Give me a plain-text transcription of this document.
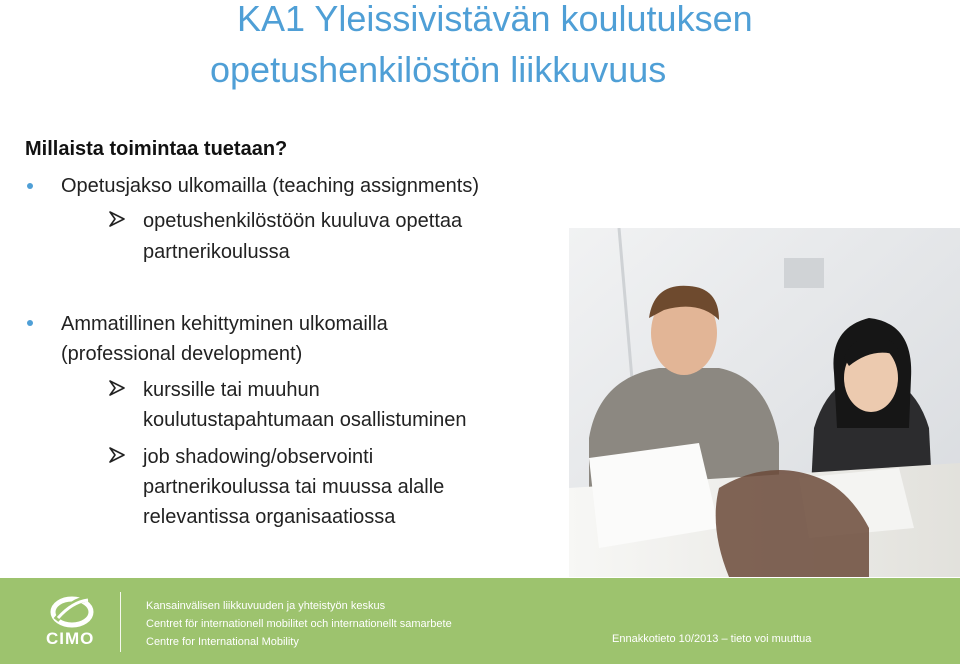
KA1 Yleissivistävän koulutuksen
opetushenkilöstön liikkuvuus
Millaista toimintaa tuetaan?
Opetusjakso ulkomailla (teaching assignments)
opetushenkilöstöön kuuluva opettaa
partnerikoulussa
Ammatillinen kehittyminen ulkomailla
(professional development)
kurssille tai muuhun
koulutustapahtumaan osallistuminen
job shadowing/observointi
partnerikoulussa tai muussa alalle
relevantissa organisaatiossa
CIMO
Kansainvälisen liikkuvuuden ja yhteistyön keskus
Centret för internationell mobilitet och internationellt samarbete
Centre for International Mobility	Ennakkotieto 10/2013 – tieto voi muuttua
